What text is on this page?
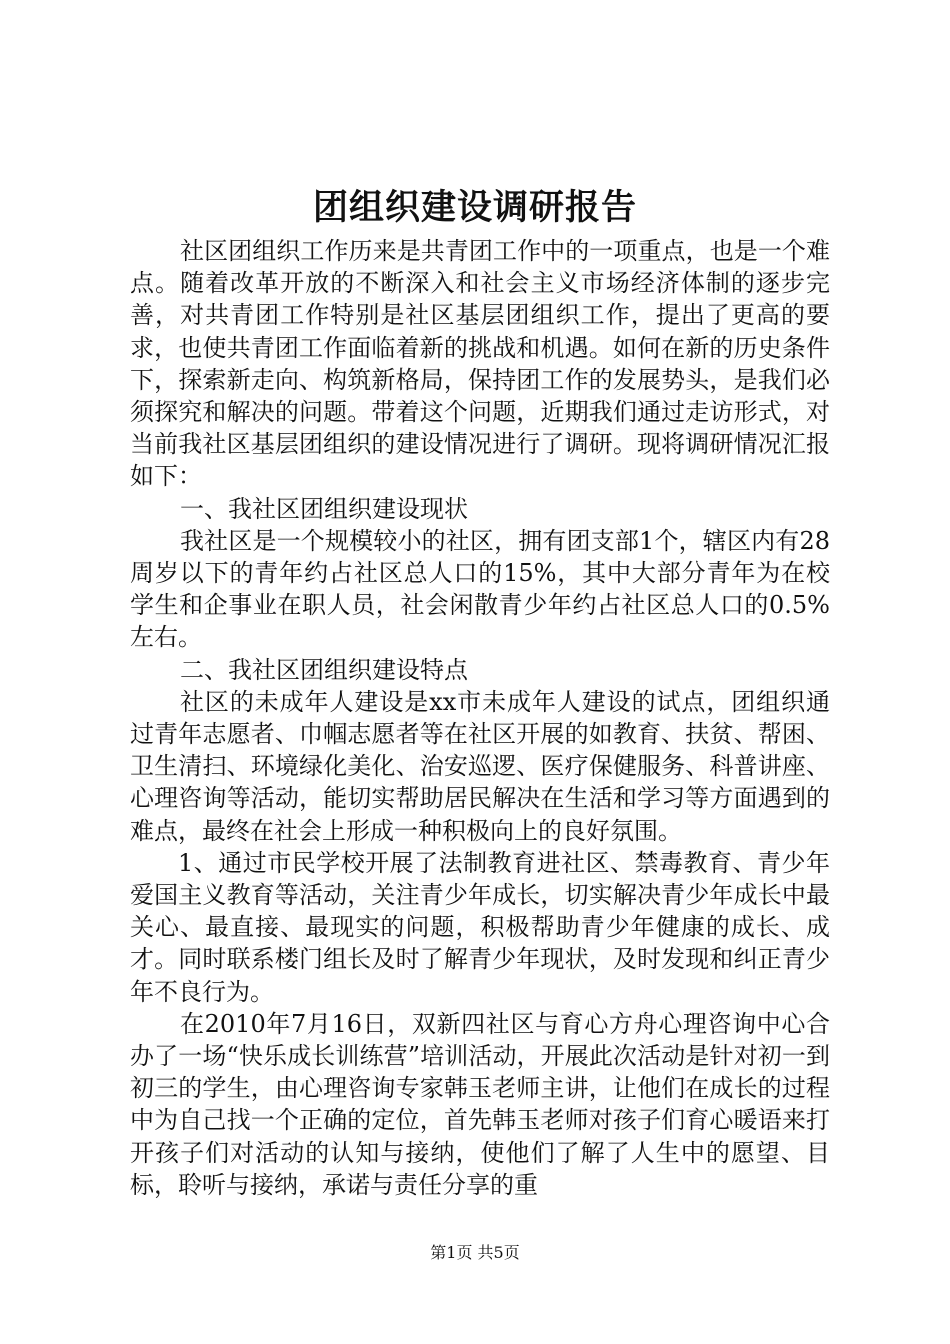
团组织建设调研报告

社区团组织工作历来是共青团工作中的一项重点，也是一个难点。随着改革开放的不断深入和社会主义市场经济体制的逐步完善，对共青团工作特别是社区基层团组织工作，提出了更高的要求，也使共青团工作面临着新的挑战和机遇。如何在新的历史条件下，探索新走向、构筑新格局，保持团工作的发展势头，是我们必须探究和解决的问题。带着这个问题，近期我们通过走访形式，对当前我社区基层团组织的建设情况进行了调研。现将调研情况汇报如下：

一、我社区团组织建设现状

我社区是一个规模较小的社区，拥有团支部1个，辖区内有28周岁以下的青年约占社区总人口的15%，其中大部分青年为在校学生和企事业在职人员，社会闲散青少年约占社区总人口的0.5%左右。

二、我社区团组织建设特点

社区的未成年人建设是xx市未成年人建设的试点，团组织通过青年志愿者、巾帼志愿者等在社区开展的如教育、扶贫、帮困、卫生清扫、环境绿化美化、治安巡逻、医疗保健服务、科普讲座、心理咨询等活动，能切实帮助居民解决在生活和学习等方面遇到的难点，最终在社会上形成一种积极向上的良好氛围。

1、通过市民学校开展了法制教育进社区、禁毒教育、青少年爱国主义教育等活动，关注青少年成长，切实解决青少年成长中最关心、最直接、最现实的问题，积极帮助青少年健康的成长、成才。同时联系楼门组长及时了解青少年现状，及时发现和纠正青少年不良行为。

在2010年7月16日，双新四社区与育心方舟心理咨询中心合办了一场“快乐成长训练营”培训活动，开展此次活动是针对初一到初三的学生，由心理咨询专家韩玉老师主讲，让他们在成长的过程中为自己找一个正确的定位，首先韩玉老师对孩子们育心暖语来打开孩子们对活动的认知与接纳，使他们了解了人生中的愿望、目标，聆听与接纳，承诺与责任分享的重

第1页 共5页
